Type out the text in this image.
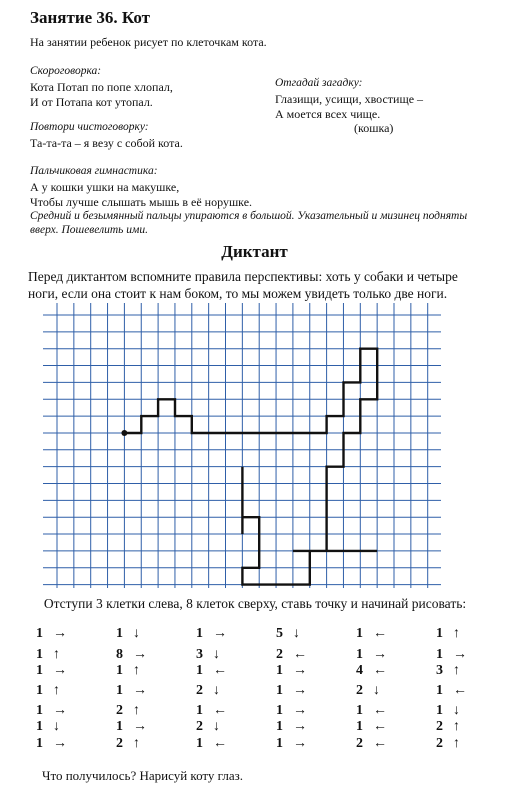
Занятие 36. Кот
На занятии ребенок рисует по клеточкам кота.
Скороговорка:
Кота Потап по попе хлопал,
И от Потапа кот утопал.
Отгадай загадку:
Глазищи, усищи, хвостище –
А моется всех чище.
(кошка)
Повтори чистоговорку:
Та-та-та – я везу с собой кота.
Пальчиковая гимнастика:
А у кошки ушки на макушке,
Чтобы лучше слышать мышь в её норушке.
Средний и безымянный пальцы упираются в большой. Указательный и мизинец подняты
вверх. Пошевелить ими.
Диктант
Перед диктантом вспомните правила перспективы: хоть у собаки и четыре ноги, если она стоит к нам боком, то мы можем увидеть только две ноги.
Отступи 3 клетки слева, 8 клеток сверху, ставь точку и начинай рисовать:
1 →
1 ↑
1 →
1 ↑
1 →
1 ↓
1 →
1 ↓
8 →
1 ↑
1 →
2 ↑
1 →
2 ↑
1 →
3 ↓
1 ←
2 ↓
1 ←
2 ↓
1 ←
5 ↓
2 ←
1 →
1 →
1 →
1 →
1 →
1 ←
1 →
4 ←
2 ↓
1 ←
1 ←
2 ←
1 ↑
1 →
3 ↑
1 ←
1 ↓
2 ↑
2 ↑
Что получилось? Нарисуй коту глаз.
